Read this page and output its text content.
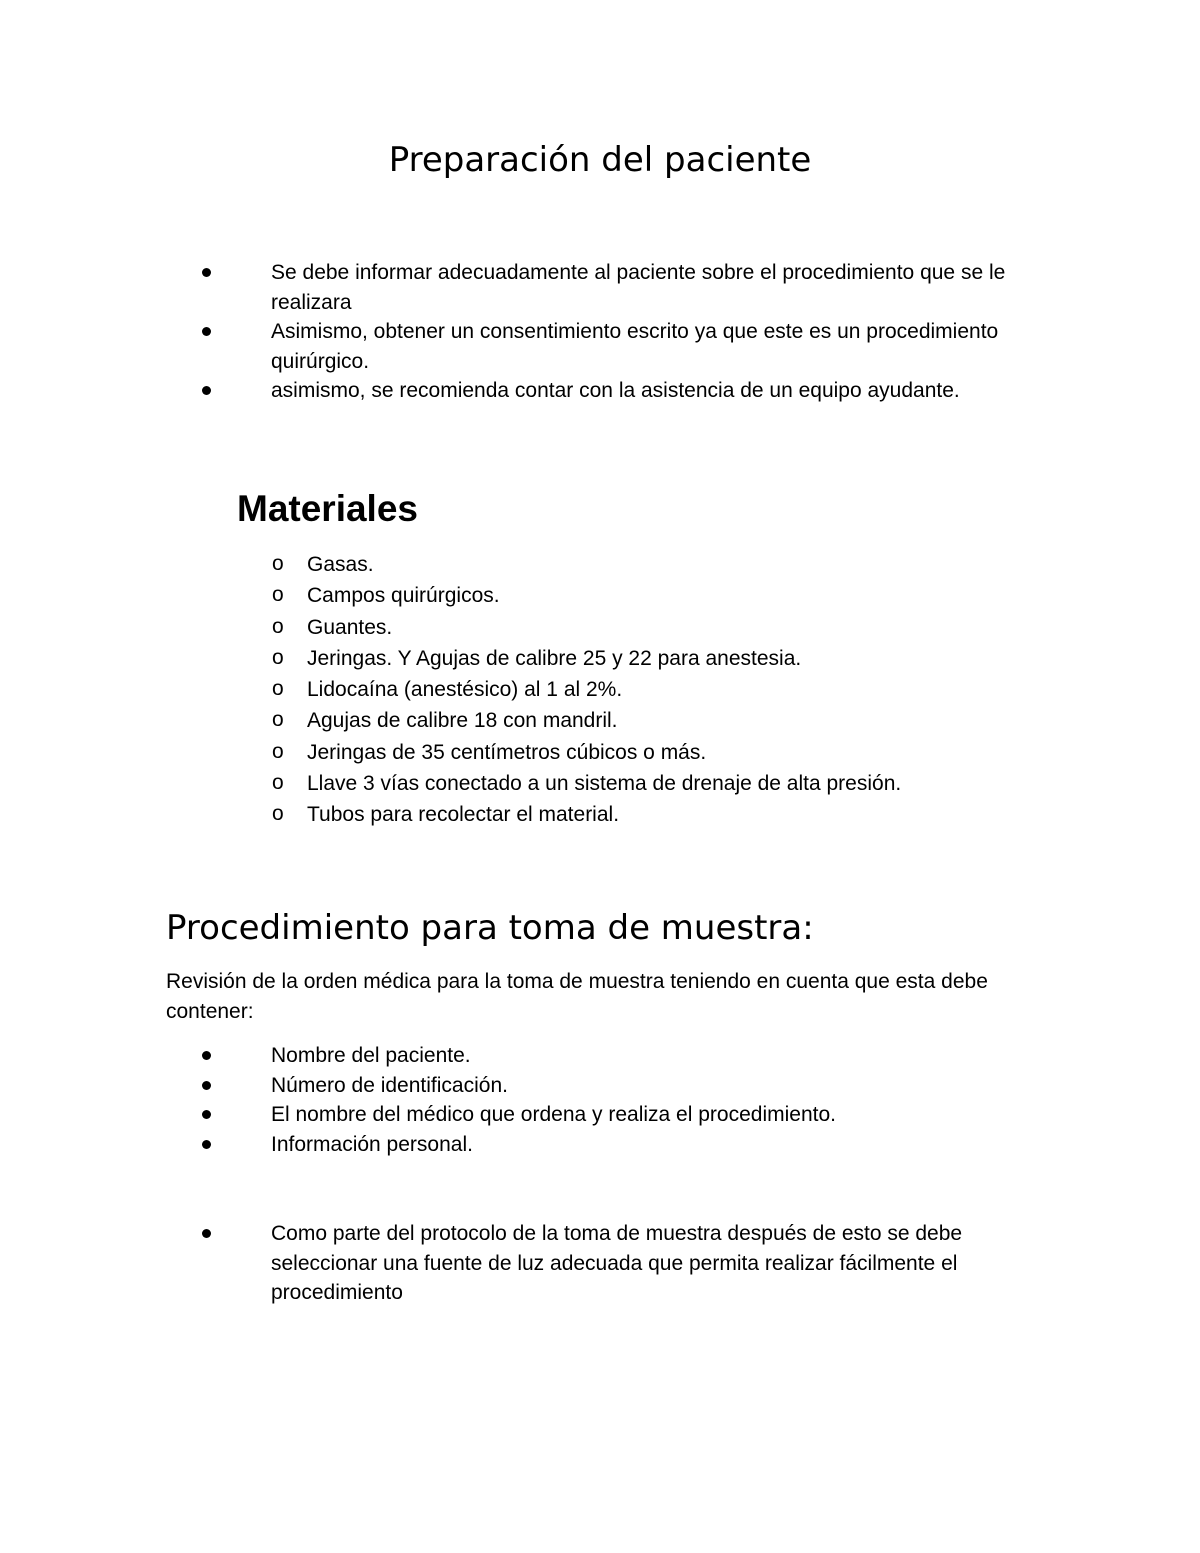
Preparación del paciente
Se debe informar adecuadamente al paciente sobre el procedimiento que se le realizara
Asimismo, obtener un consentimiento escrito ya que este es un procedimiento quirúrgico.
asimismo, se recomienda contar con la asistencia de un equipo ayudante.
Materiales
o Gasas.
o Campos quirúrgicos.
o Guantes.
o Jeringas. Y Agujas de calibre 25 y 22 para anestesia.
o Lidocaína (anestésico) al 1 al 2%.
o Agujas de calibre 18 con mandril.
o Jeringas de 35 centímetros cúbicos o más.
o Llave 3 vías conectado a un sistema de drenaje de alta presión.
o Tubos para recolectar el material.
Procedimiento para toma de muestra:

Revisión de la orden médica para la toma de muestra teniendo en cuenta que esta debe contener:

Nombre del paciente.
Número de identificación.
El nombre del médico que ordena y realiza el procedimiento.
Información personal.
Como parte del protocolo de la toma de muestra después de esto se debe seleccionar una fuente de luz adecuada que permita realizar fácilmente el procedimiento
